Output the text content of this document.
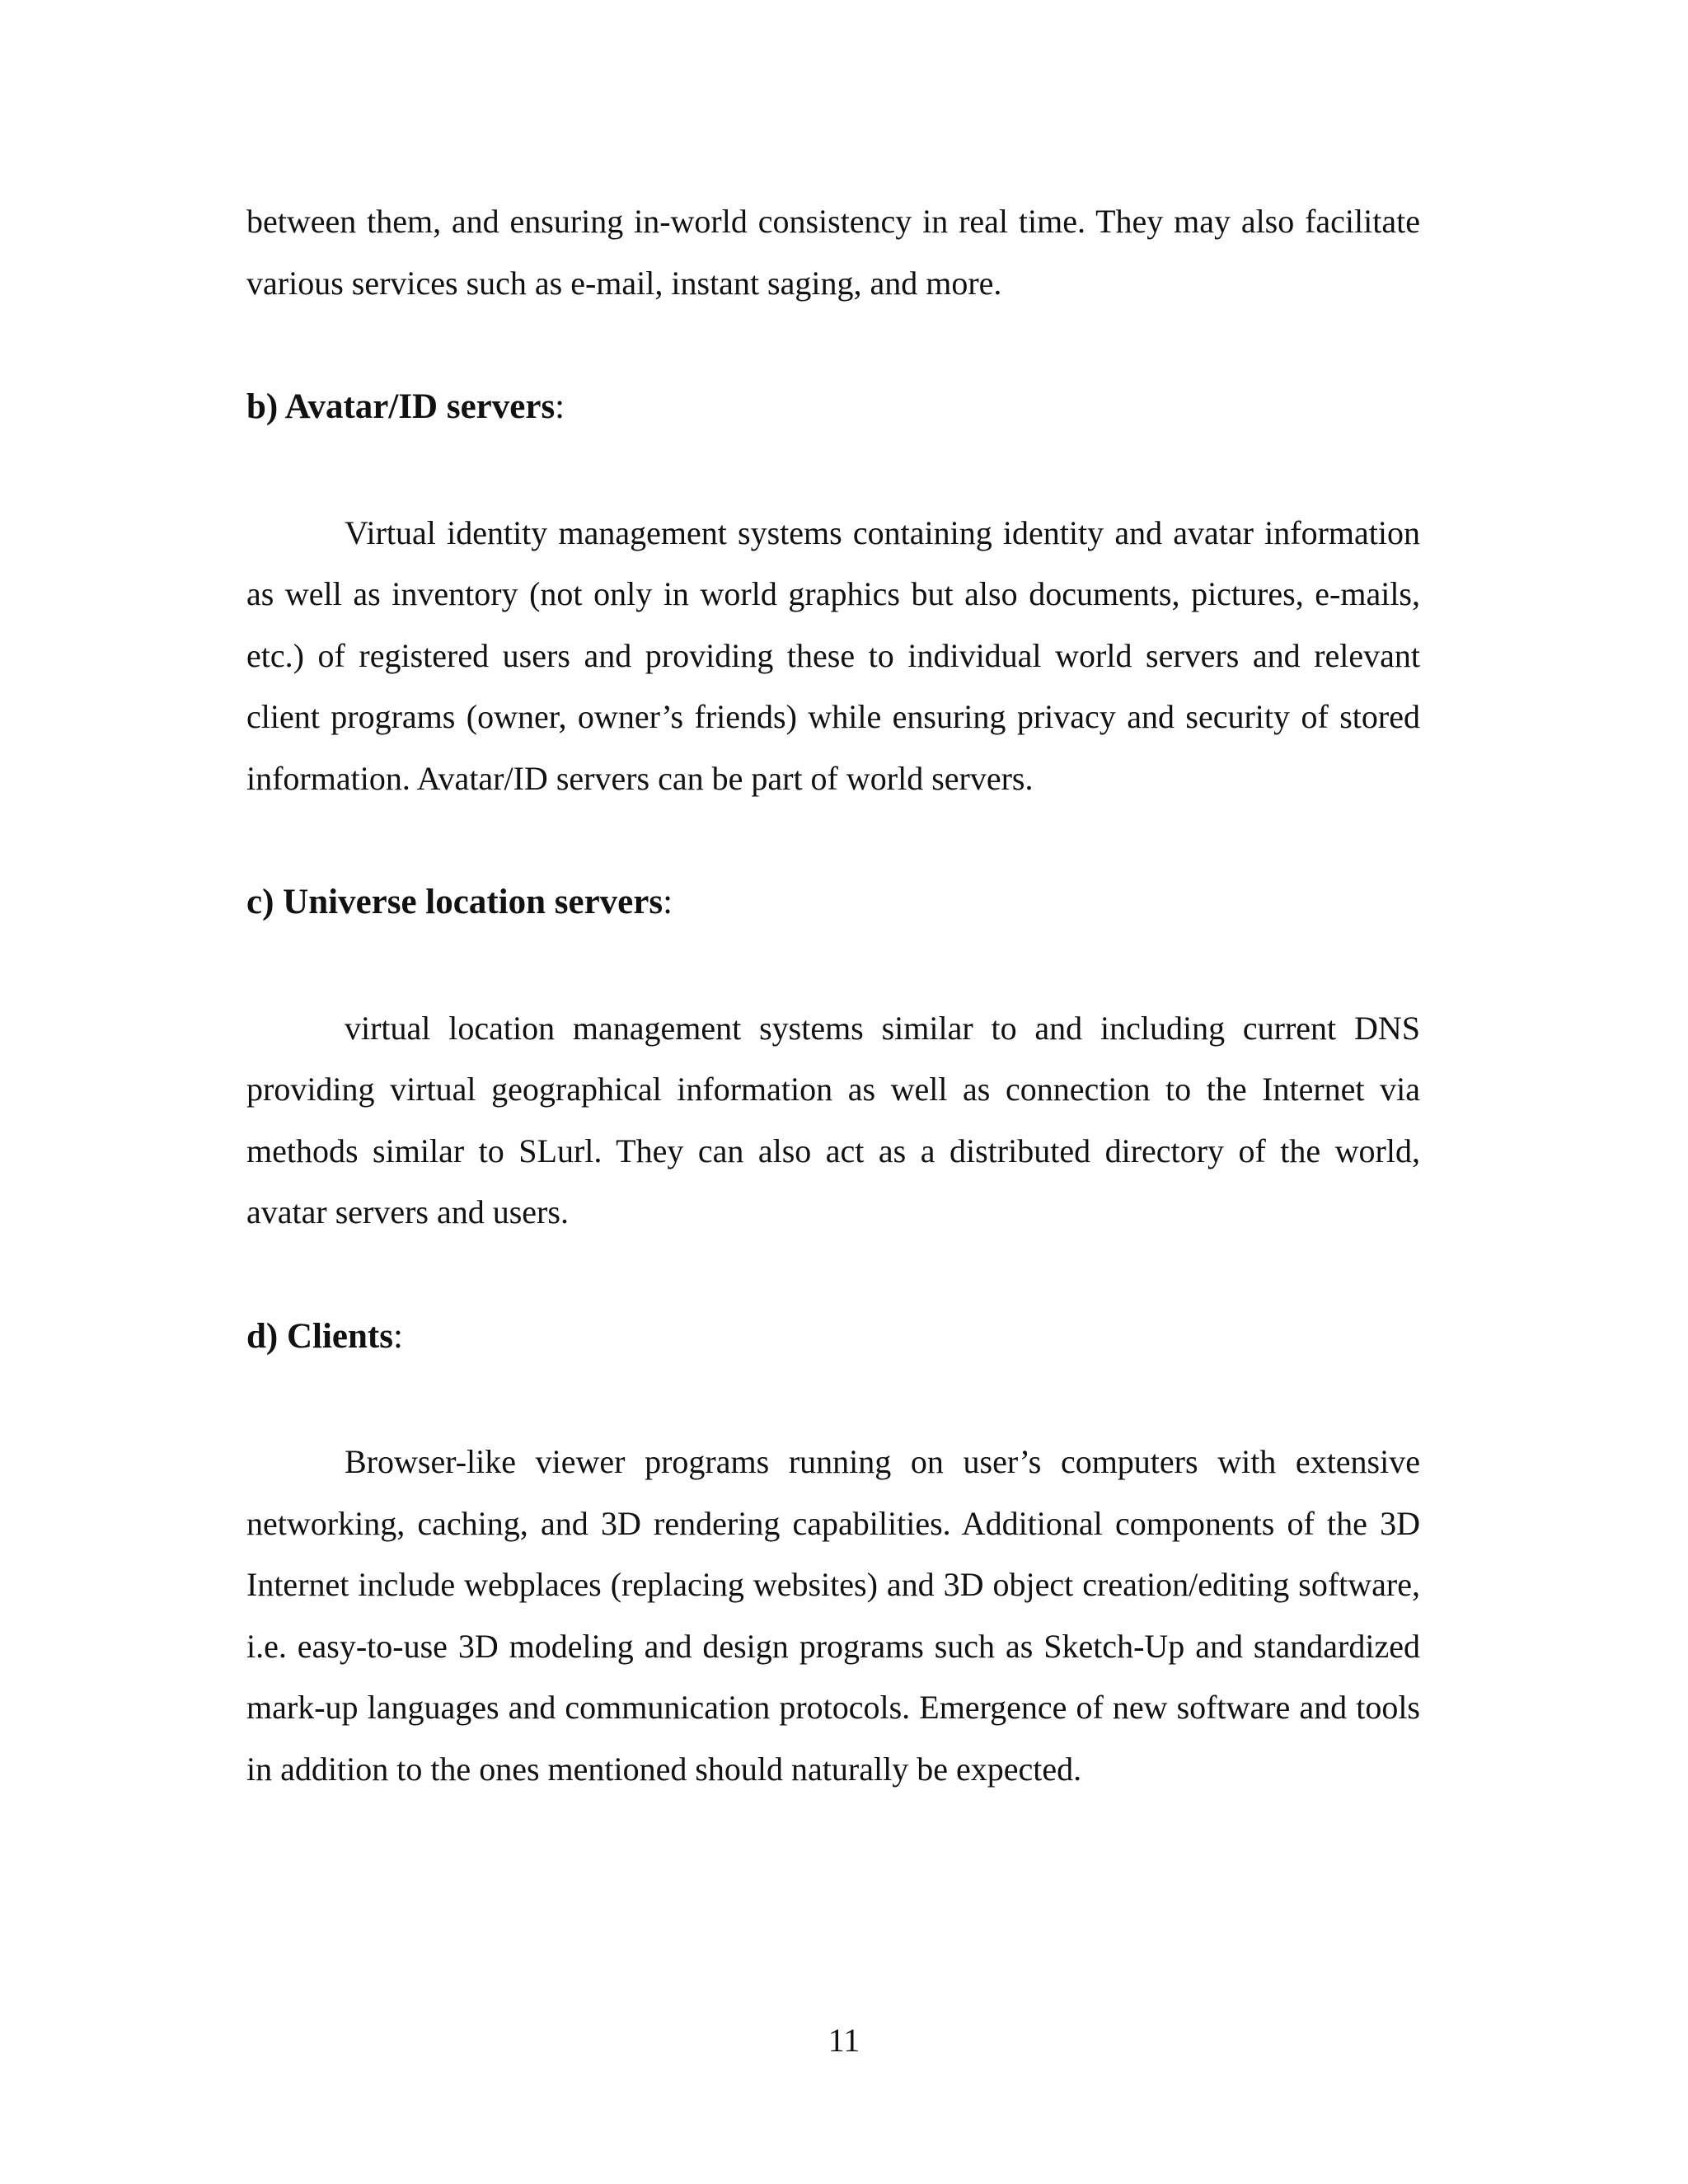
between them, and ensuring in-world consistency in real time. They may also facilitate various services such as e-mail, instant saging, and more.

b) Avatar/ID servers:

Virtual identity management systems containing identity and avatar information as well as inventory (not only in world graphics but also documents, pictures, e-mails, etc.) of registered users and providing these to individual world servers and relevant client programs (owner, owner’s friends) while ensuring privacy and security of stored information. Avatar/ID servers can be part of world servers.

c) Universe location servers:

virtual location management systems similar to and including current DNS providing virtual geographical information as well as connection to the Internet via methods similar to SLurl. They can also act as a distributed directory of the world, avatar servers and users.

d) Clients:

Browser-like viewer programs running on user’s computers with extensive networking, caching, and 3D rendering capabilities. Additional components of the 3D Internet include webplaces (replacing websites) and 3D object creation/editing software, i.e. easy-to-use 3D modeling and design programs such as Sketch-Up and standardized mark-up languages and communication protocols. Emergence of new software and tools in addition to the ones mentioned should naturally be expected.

11
